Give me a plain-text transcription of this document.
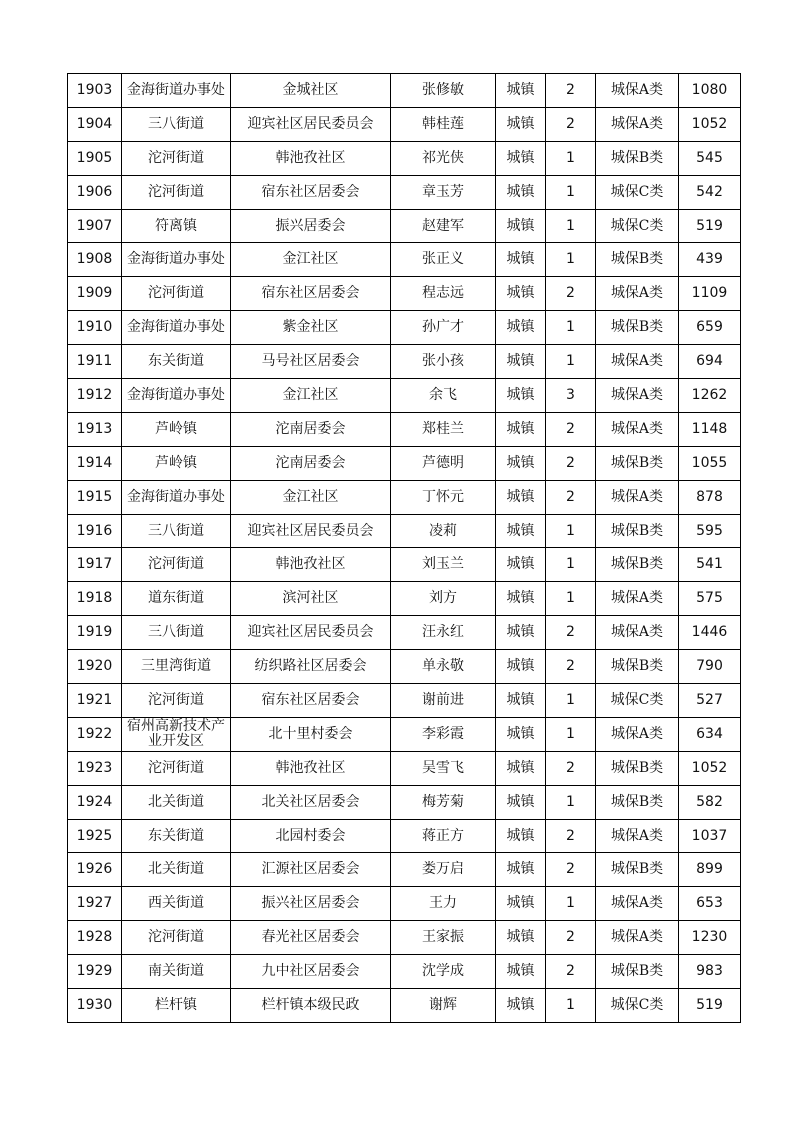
1903	金海街道办事处	金城社区	张修敏	城镇	2	城保A类	1080
1904	三八街道	迎宾社区居民委员会	韩桂莲	城镇	2	城保A类	1052
1905	沱河街道	韩池孜社区	祁光侠	城镇	1	城保B类	545
1906	沱河街道	宿东社区居委会	章玉芳	城镇	1	城保C类	542
1907	符离镇	振兴居委会	赵建军	城镇	1	城保C类	519
1908	金海街道办事处	金江社区	张正义	城镇	1	城保B类	439
1909	沱河街道	宿东社区居委会	程志远	城镇	2	城保A类	1109
1910	金海街道办事处	紫金社区	孙广才	城镇	1	城保B类	659
1911	东关街道	马号社区居委会	张小孩	城镇	1	城保A类	694
1912	金海街道办事处	金江社区	余飞	城镇	3	城保A类	1262
1913	芦岭镇	沱南居委会	郑桂兰	城镇	2	城保A类	1148
1914	芦岭镇	沱南居委会	芦德明	城镇	2	城保B类	1055
1915	金海街道办事处	金江社区	丁怀元	城镇	2	城保A类	878
1916	三八街道	迎宾社区居民委员会	凌莉	城镇	1	城保B类	595
1917	沱河街道	韩池孜社区	刘玉兰	城镇	1	城保B类	541
1918	道东街道	滨河社区	刘方	城镇	1	城保A类	575
1919	三八街道	迎宾社区居民委员会	汪永红	城镇	2	城保A类	1446
1920	三里湾街道	纺织路社区居委会	单永敬	城镇	2	城保B类	790
1921	沱河街道	宿东社区居委会	谢前进	城镇	1	城保C类	527
1922	宿州高新技术产业开发区	北十里村委会	李彩霞	城镇	1	城保A类	634
1923	沱河街道	韩池孜社区	吴雪飞	城镇	2	城保B类	1052
1924	北关街道	北关社区居委会	梅芳菊	城镇	1	城保B类	582
1925	东关街道	北园村委会	蒋正方	城镇	2	城保A类	1037
1926	北关街道	汇源社区居委会	娄万启	城镇	2	城保B类	899
1927	西关街道	振兴社区居委会	王力	城镇	1	城保A类	653
1928	沱河街道	春光社区居委会	王家振	城镇	2	城保A类	1230
1929	南关街道	九中社区居委会	沈学成	城镇	2	城保B类	983
1930	栏杆镇	栏杆镇本级民政	谢辉	城镇	1	城保C类	519
